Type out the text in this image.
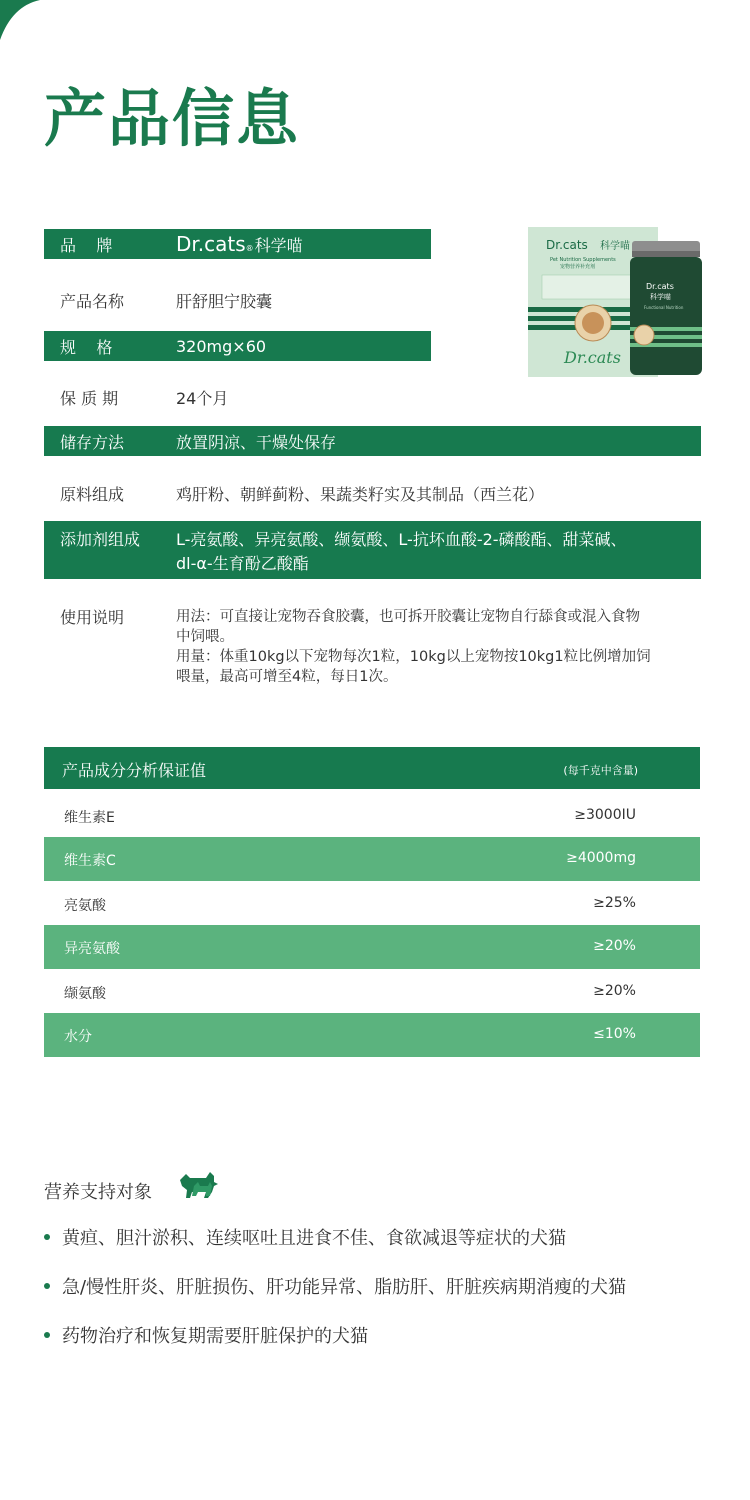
产品信息
品    牌	Dr.cats ® 科学喵
产品名称	肝舒胆宁胶囊
规    格	320mg×60
保 质 期	24个月
储存方法	放置阴凉、干燥处保存
原料组成	鸡肝粉、朝鲜蓟粉、果蔬类籽实及其制品（西兰花）
添加剂组成 L-亮氨酸、异亮氨酸、缬氨酸、L-抗坏血酸-2-磷酸酯、甜菜碱、
dl-α-生育酚乙酸酯
使用说明	用法：可直接让宠物吞食胶囊，也可拆开胶囊让宠物自行舔食或混入食物
中饲喂。
用量：体重10kg以下宠物每次1粒，10kg以上宠物按10kg1粒比例增加饲
喂量，最高可增至4粒，每日1次。
Dr.cats 科学喵
Pet Nutrition Supplements
宠物营养补充剂
Dr.cats
Dr.cats
科学喵
Functional Nutrition
产品成分分析保证值	(每千克中含量)
维生素E	≥3000IU
维生素C	≥4000mg
亮氨酸	≥25%
异亮氨酸	≥20%
缬氨酸	≥20%
水分	≤10%
营养支持对象
黄疸、胆汁淤积、连续呕吐且进食不佳、食欲减退等症状的犬猫
急/慢性肝炎、肝脏损伤、肝功能异常、脂肪肝、肝脏疾病期消瘦的犬猫
药物治疗和恢复期需要肝脏保护的犬猫
